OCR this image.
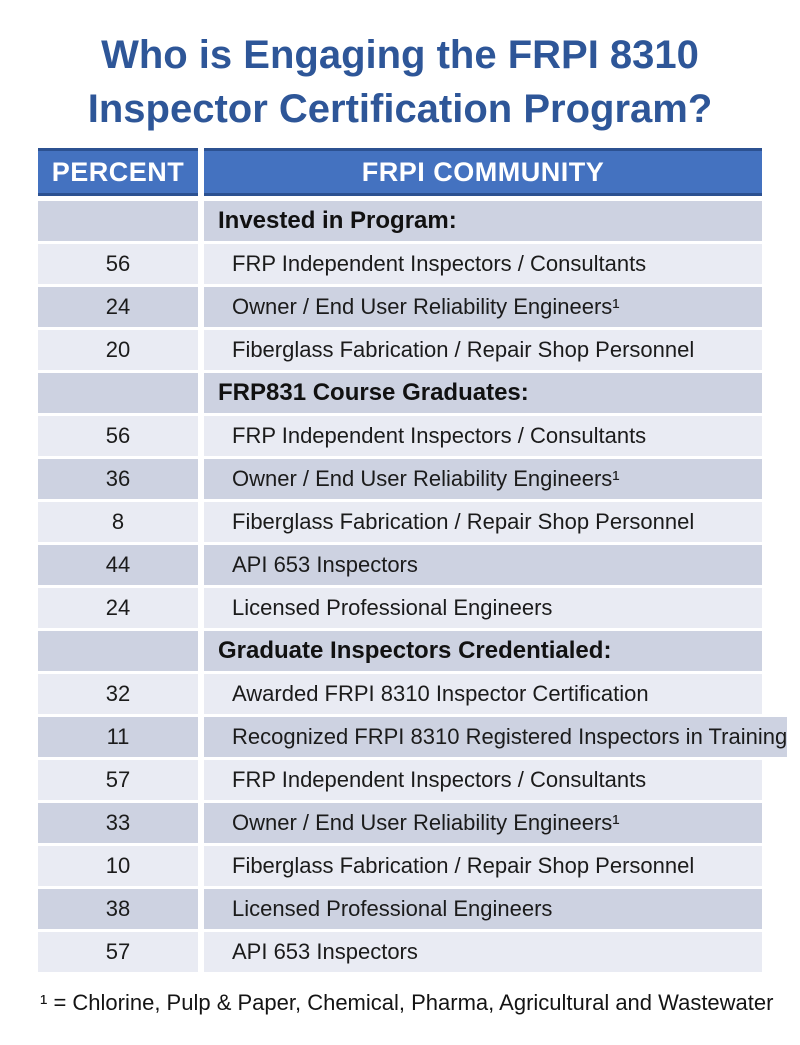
Who is Engaging the FRPI 8310
Inspector Certification Program?
PERCENT	FRPI COMMUNITY
Invested in Program:
56	FRP Independent Inspectors / Consultants
24	Owner / End User Reliability Engineers¹
20	Fiberglass Fabrication / Repair Shop Personnel
FRP831 Course Graduates:
56	FRP Independent Inspectors / Consultants
36	Owner / End User Reliability Engineers¹
8	Fiberglass Fabrication / Repair Shop Personnel
44	API 653 Inspectors
24	Licensed Professional Engineers
Graduate Inspectors Credentialed:
32	Awarded FRPI 8310 Inspector Certification
11	Recognized FRPI 8310 Registered Inspectors in Training
57	FRP Independent Inspectors / Consultants
33	Owner / End User Reliability Engineers¹
10	Fiberglass Fabrication / Repair Shop Personnel
38	Licensed Professional Engineers
57	API 653 Inspectors

¹ = Chlorine, Pulp & Paper, Chemical, Pharma, Agricultural and Wastewater
